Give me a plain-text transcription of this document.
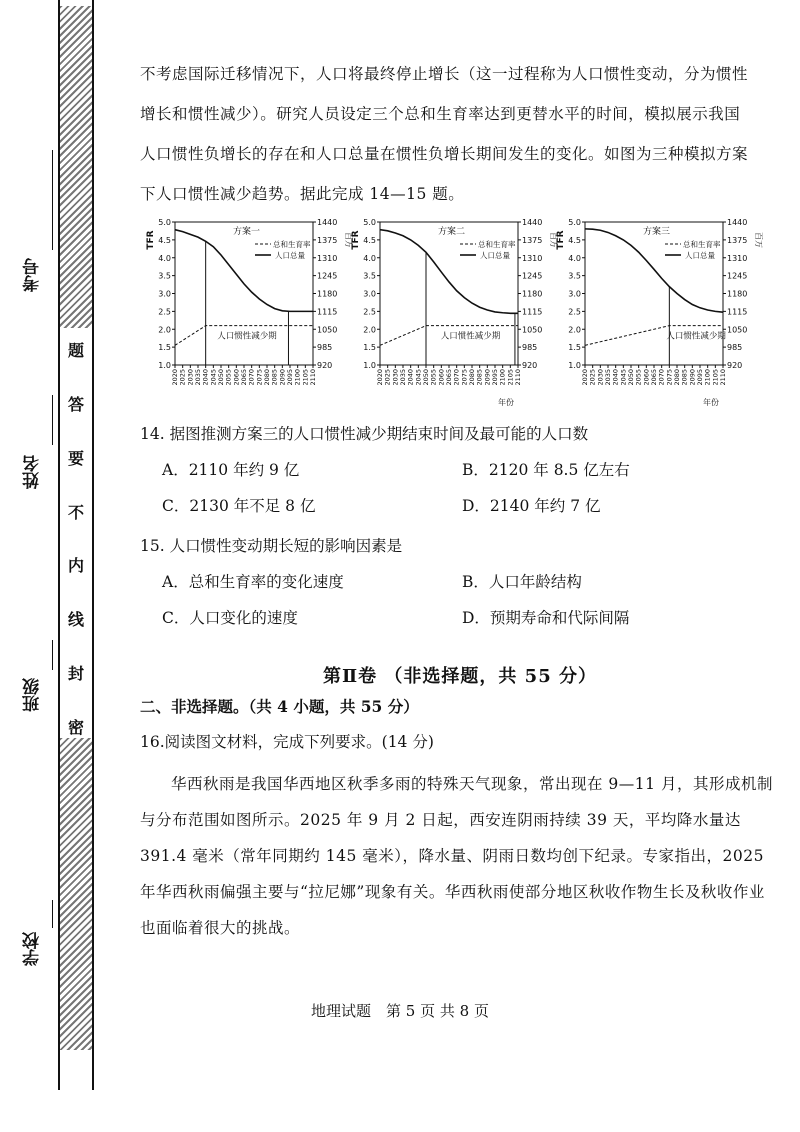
题
答
要
不
内
线
封
密
考号
姓名
班级
学校

不考虑国际迁移情况下，人口将最终停止增长（这一过程称为人口惯性变动，分为惯性

增长和惯性减少）。研究人员设定三个总和生育率达到更替水平的时间，模拟展示我国

人口惯性负增长的存在和人口总量在惯性负增长期间发生的变化。如图为三种模拟方案

下人口惯性减少趋势。据此完成 14—15 题。

1.0
1.5
2.0
2.5
3.0
3.5
4.0
4.5
5.0
920
985
1050
1115
1180
1245
1310
1375
1440
TFR	百万
2020 2025 2030 2035 2040 2045 2050 2055 2060 2065 2070 2075 2080 2085 2090 2095 2100 2105 2110
人口惯性减少期
方案一
总和生育率
人口总量
1.0
1.5
2.0
2.5
3.0
3.5
4.0
4.5
5.0
920
985
1050
1115
1180
1245
1310
1375
1440
TFR	百万
2020 2025 2030 2035 2040 2045 2050 2055 2060 2065 2070 2075 2080 2085 2090 2095 2100 2105 2110
年份
人口惯性减少期
方案二
总和生育率
人口总量
1.0
1.5
2.0
2.5
3.0
3.5
4.0
4.5
5.0
920
985
1050
1115
1180
1245
1310
1375
1440
TFR	百万
2020 2025 2030 2035 2040 2045 2050 2055 2060 2065 2070 2075 2080 2085 2090 2095 2100 2105 2110
年份
人口惯性减少期
方案三
总和生育率
人口总量

14. 据图推测方案三的人口惯性减少期结束时间及最可能的人口数

A．2110 年约 9 亿	B．2120 年 8.5 亿左右
C．2130 年不足 8 亿	D．2140 年约 7 亿

15. 人口惯性变动期长短的影响因素是

A．总和生育率的变化速度	B．人口年龄结构
C．人口变化的速度	D．预期寿命和代际间隔
第Ⅱ卷 （非选择题，共 55 分）
二、非选择题。（共 4 小题，共 55 分）
16.阅读图文材料，完成下列要求。(14 分)

华西秋雨是我国华西地区秋季多雨的特殊天气现象，常出现在 9—11 月，其形成机制与分布范围如图所示。2025 年 9 月 2 日起，西安连阴雨持续 39 天，平均降水量达 391.4 毫米（常年同期约 145 毫米），降水量、阴雨日数均创下纪录。专家指出，2025 年华西秋雨偏强主要与“拉尼娜”现象有关。华西秋雨使部分地区秋收作物生长及秋收作业也面临着很大的挑战。

地理试题　第 5 页 共 8 页
